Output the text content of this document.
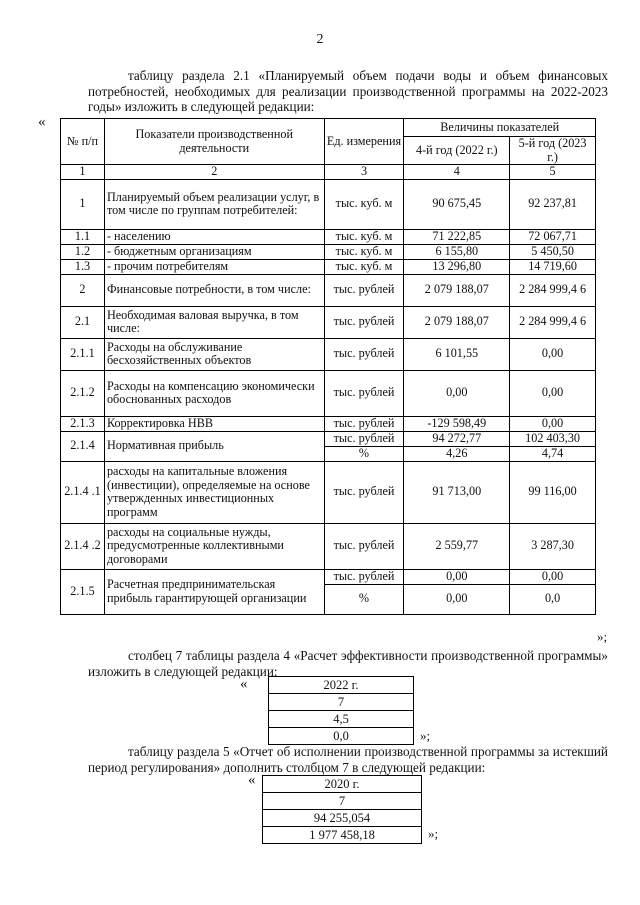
2
таблицу раздела 2.1 «Планируемый объем подачи воды и объем финансовых потребностей, необходимых для реализации производственной программы на 2022-2023 годы» изложить в следующей редакции:
«
№ п/п	Показатели производственной деятельности	Ед. измерения	Величины показателей	
			4-й год (2022 г.)	5-й год (2023 г.)
1	2	3	4	5
1	Планируемый объем реализации услуг, в том числе по группам потребителей:	тыс. куб. м	90 675,45	92 237,81
1.1	- населению	тыс. куб. м	71 222,85	72 067,71
1.2	- бюджетным организациям	тыс. куб. м	6 155,80	5 450,50
1.3	- прочим потребителям	тыс. куб. м	13 296,80	14 719,60
2	Финансовые потребности, в том числе:	тыс. рублей	2 079 188,07	2 284 999,4 6
2.1	Необходимая валовая выручка, в том числе:	тыс. рублей	2 079 188,07	2 284 999,4 6
2.1.1	Расходы на обслуживание бесхозяйственных объектов	тыс. рублей	6 101,55	0,00
2.1.2	Расходы на компенсацию экономически обоснованных расходов	тыс. рублей	0,00	0,00
2.1.3	Корректировка НВВ	тыс. рублей	-129 598,49	0,00
2.1.4	Нормативная прибыль	тыс. рублей	94 272,77	102 403,30
		%	4,26	4,74
2.1.4 .1	расходы на капитальные вложения (инвестиции), определяемые на основе утвержденных инвестиционных программ	тыс. рублей	91 713,00	99 116,00
2.1.4 .2	расходы на социальные нужды, предусмотренные коллективными договорами	тыс. рублей	2 559,77	3 287,30
2.1.5	Расчетная предпринимательская прибыль гарантирующей организации	тыс. рублей	0,00	0,00
		%	0,00	0,0
»;
столбец 7 таблицы раздела 4 «Расчет эффективности производственной программы» изложить в следующей редакции:
«	2022 г.
7
4,5
0,0	»;
таблицу раздела 5 «Отчет об исполнении производственной программы за истекший период регулирования» дополнить столбцом 7 в следующей редакции:
«	2020 г.
7
94 255,054
1 977 458,18	»;
